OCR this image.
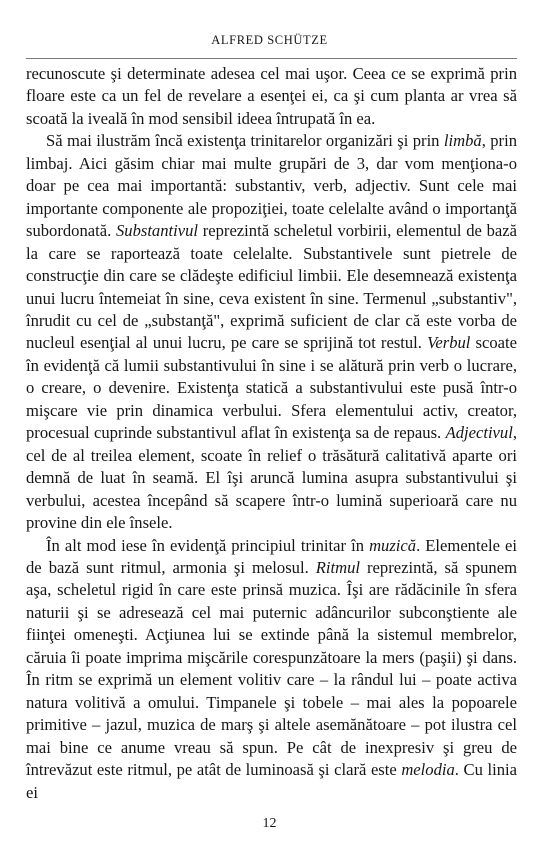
ALFRED SCHÜTZE

recunoscute şi determinate adesea cel mai uşor. Ceea ce se exprimă prin floare este ca un fel de revelare a esenţei ei, ca şi cum planta ar vrea să scoată la iveală în mod sensibil ideea întrupată în ea.

Să mai ilustrăm încă existenţa trinitarelor organizări şi prin limbă, prin limbaj. Aici găsim chiar mai multe grupări de 3, dar vom menţiona-o doar pe cea mai importantă: substantiv, verb, adjectiv. Sunt cele mai importante componente ale propoziţiei, toate celelalte având o importanţă subordonată. Substantivul reprezintă scheletul vorbirii, elementul de bază la care se raportează toate celelalte. Substantivele sunt pietrele de construcţie din care se clădeşte edificiul limbii. Ele desemnează existenţa unui lucru întemeiat în sine, ceva existent în sine. Termenul „substantiv", înrudit cu cel de „substanţă", exprimă suficient de clar că este vorba de nucleul esenţial al unui lucru, pe care se sprijină tot restul. Verbul scoate în evidenţă că lumii substantivului în sine i se alătură prin verb o lucrare, o creare, o devenire. Existenţa statică a substantivului este pusă într-o mişcare vie prin dinamica verbului. Sfera elementului activ, creator, procesual cuprinde substantivul aflat în existenţa sa de repaus. Adjectivul, cel de al treilea element, scoate în relief o trăsătură calitativă aparte ori demnă de luat în seamă. El îşi aruncă lumina asupra substantivului şi verbului, acestea începând să scapere într-o lumină superioară care nu provine din ele însele.

În alt mod iese în evidenţă principiul trinitar în muzică. Elementele ei de bază sunt ritmul, armonia şi melosul. Ritmul reprezintă, să spunem aşa, scheletul rigid în care este prinsă muzica. Îşi are rădăcinile în sfera naturii şi se adresează cel mai puternic adâncurilor subconştiente ale fiinţei omeneşti. Acţiunea lui se extinde până la sistemul membrelor, căruia îi poate imprima mişcările corespunzătoare la mers (paşii) şi dans. În ritm se exprimă un element volitiv care – la rândul lui – poate activa natura volitivă a omului. Timpanele şi tobele – mai ales la popoarele primitive – jazul, muzica de marş şi altele asemănătoare – pot ilustra cel mai bine ce anume vreau să spun. Pe cât de inexpresiv şi greu de întrevăzut este ritmul, pe atât de luminoasă şi clară este melodia. Cu linia ei

12
